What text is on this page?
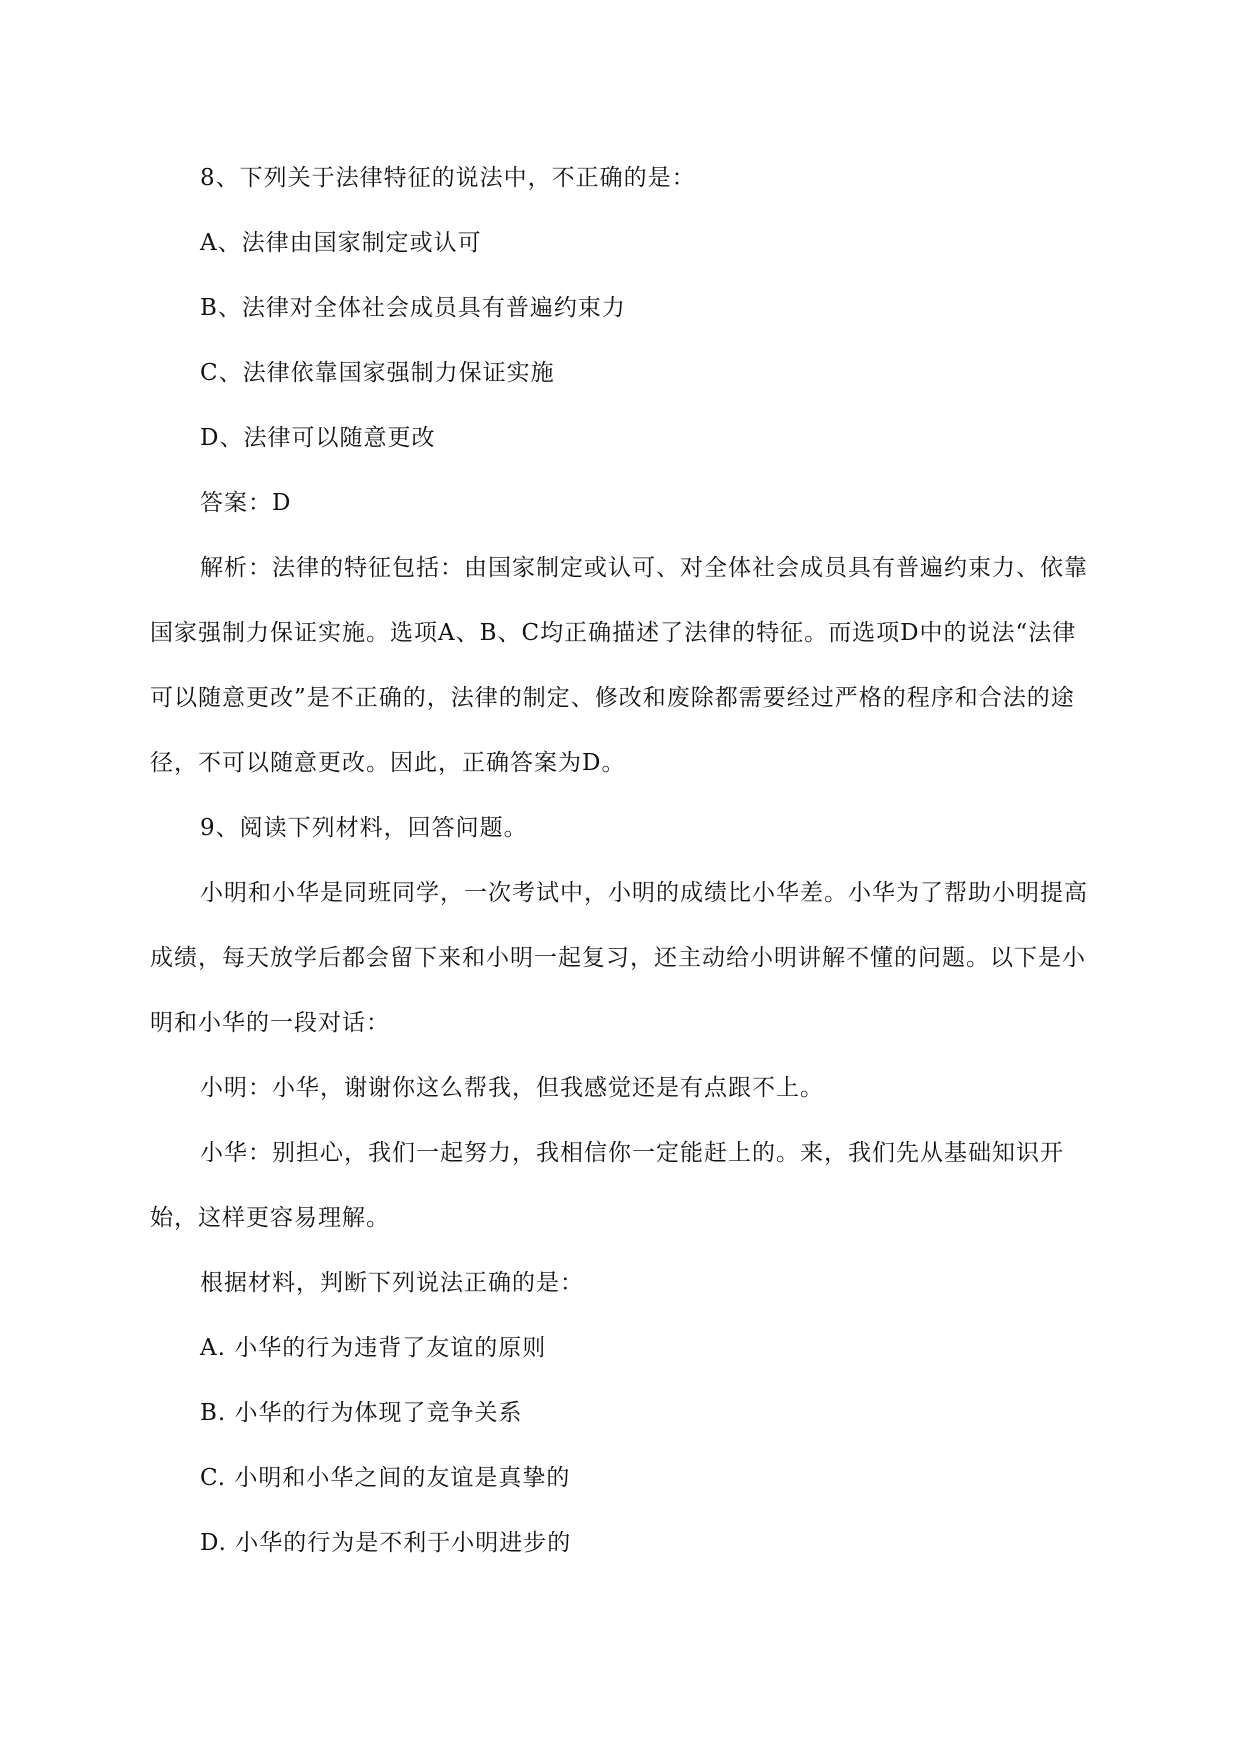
8、下列关于法律特征的说法中，不正确的是：

A、法律由国家制定或认可

B、法律对全体社会成员具有普遍约束力

C、法律依靠国家强制力保证实施

D、法律可以随意更改

答案：D

解析：法律的特征包括：由国家制定或认可、对全体社会成员具有普遍约束力、依靠国家强制力保证实施。选项A、B、C均正确描述了法律的特征。而选项D中的说法“法律可以随意更改”是不正确的，法律的制定、修改和废除都需要经过严格的程序和合法的途径，不可以随意更改。因此，正确答案为D。

9、阅读下列材料，回答问题。

小明和小华是同班同学，一次考试中，小明的成绩比小华差。小华为了帮助小明提高成绩，每天放学后都会留下来和小明一起复习，还主动给小明讲解不懂的问题。以下是小明和小华的一段对话：

小明：小华，谢谢你这么帮我，但我感觉还是有点跟不上。

小华：别担心，我们一起努力，我相信你一定能赶上的。来，我们先从基础知识开始，这样更容易理解。

根据材料，判断下列说法正确的是：

A. 小华的行为违背了友谊的原则

B. 小华的行为体现了竞争关系

C. 小明和小华之间的友谊是真挚的

D. 小华的行为是不利于小明进步的
